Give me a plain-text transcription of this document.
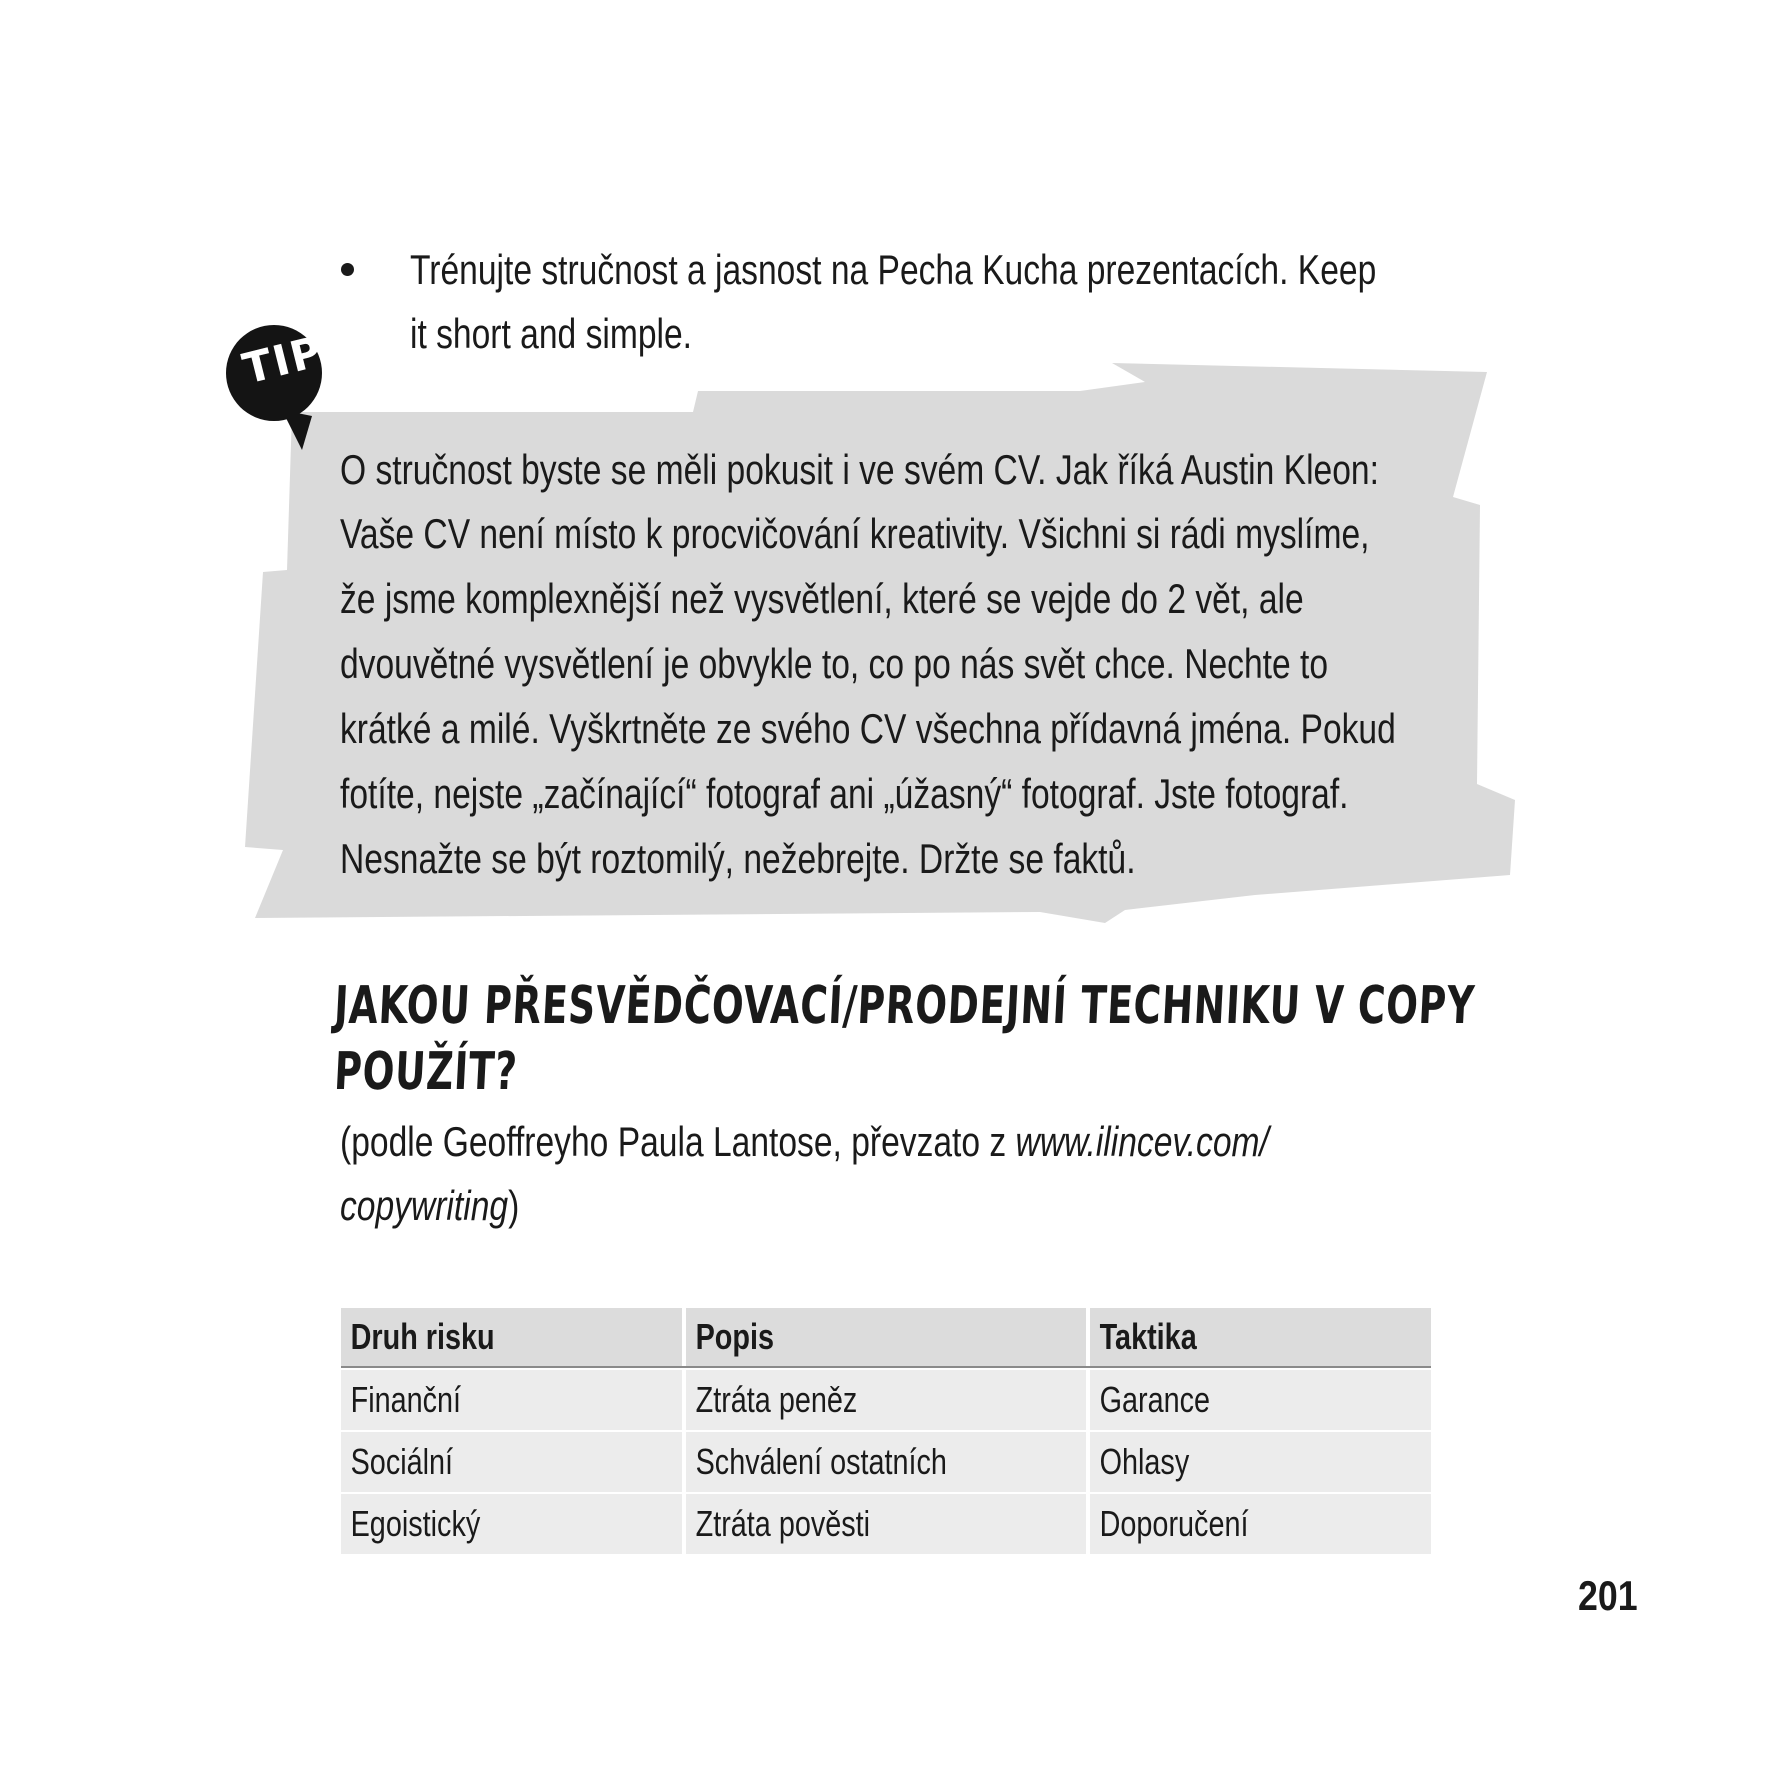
Trénujte stručnost a jasnost na Pecha Kucha prezentacích. Keep
it short and simple.
TIP
O stručnost byste se měli pokusit i ve svém CV. Jak říká Austin Kleon:
Vaše CV není místo k procvičování kreativity. Všichni si rádi myslíme,
že jsme komplexnější než vysvětlení, které se vejde do 2 vět, ale
dvouvětné vysvětlení je obvykle to, co po nás svět chce. Nechte to
krátké a milé. Vyškrtněte ze svého CV všechna přídavná jména. Pokud
fotíte, nejste „začínající“ fotograf ani „úžasný“ fotograf. Jste fotograf.
Nesnažte se být roztomilý, nežebrejte. Držte se faktů.
JAKOU PŘESVĚDČOVACÍ/PRODEJNÍ TECHNIKU V COPY
POUŽÍT?
(podle Geoffreyho Paula Lantose, převzato z www.ilincev.com/
copywriting)
Druh risku	Popis	Taktika
Finanční	Ztráta peněz	Garance
Sociální	Schválení ostatních	Ohlasy
Egoistický	Ztráta pověsti	Doporučení
201
